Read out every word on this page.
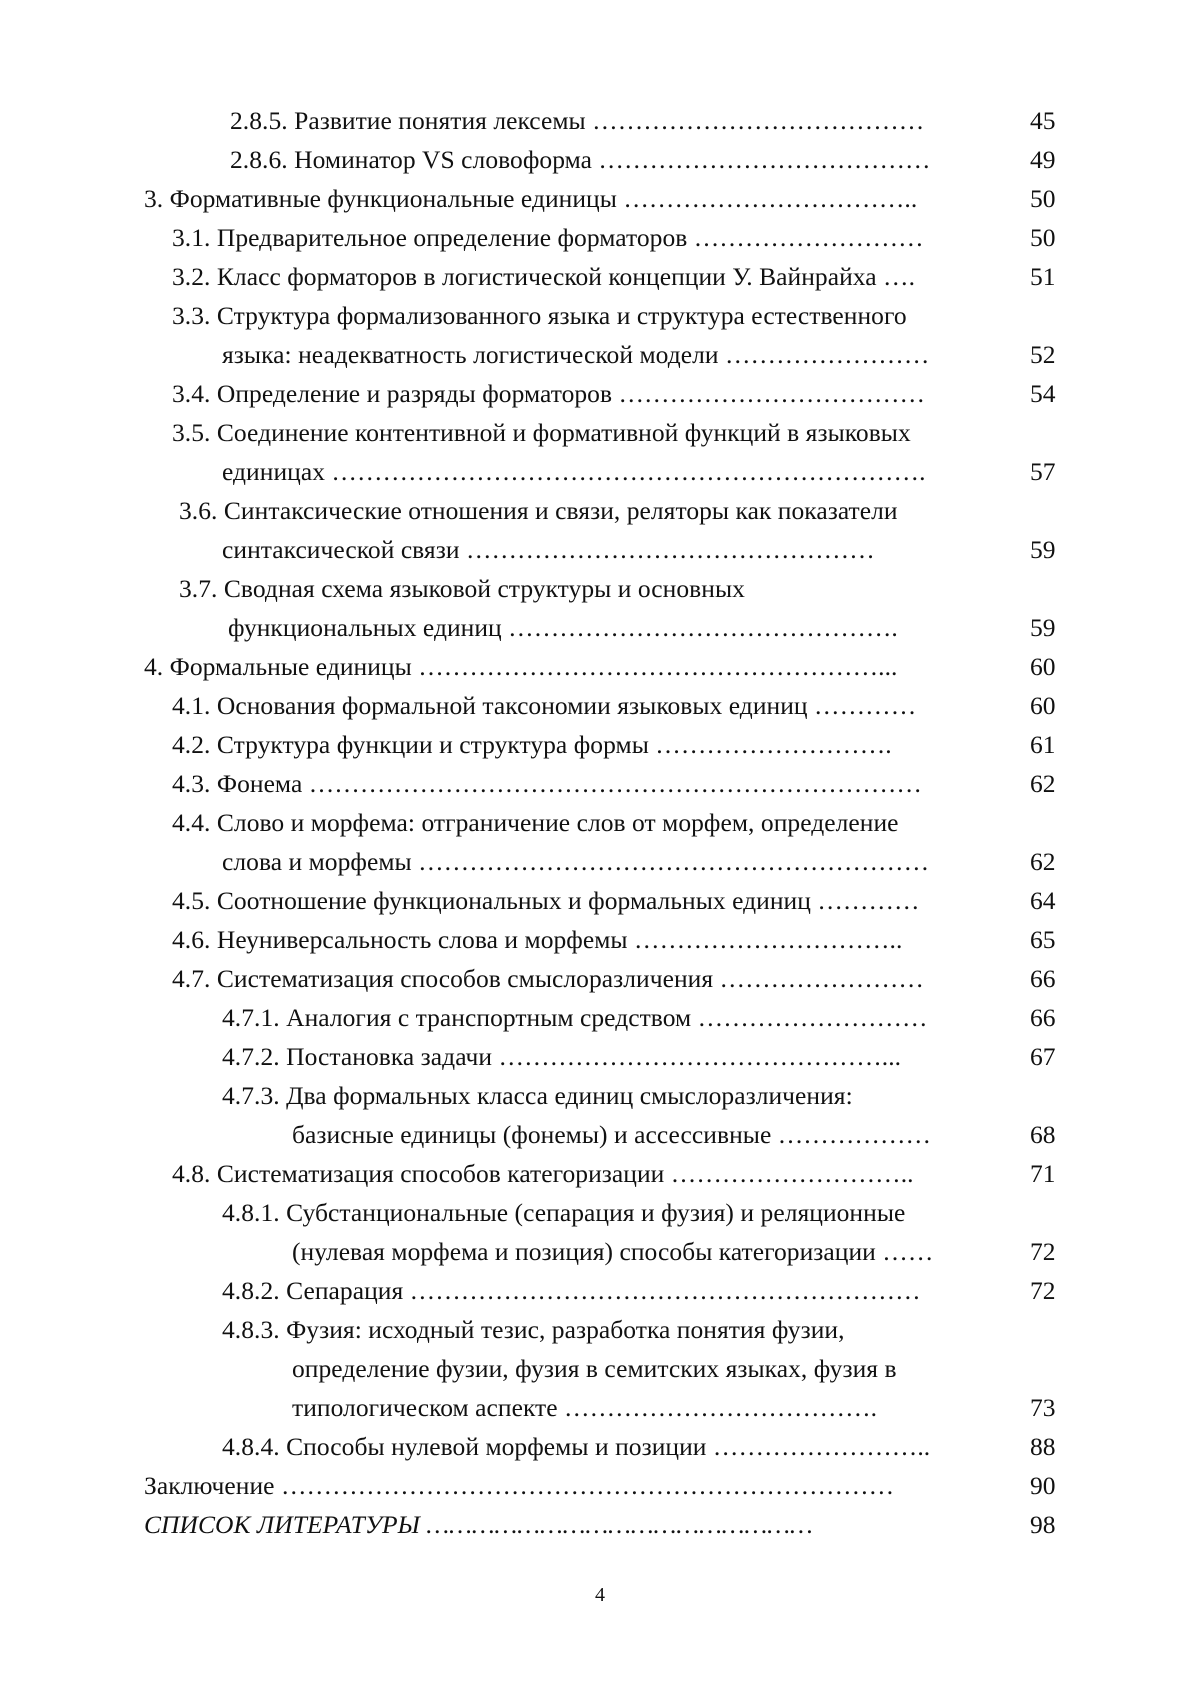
2.8.5. Развитие понятия лексемы …………………………………	45
2.8.6. Номинатор VS словоформа …………………………………	49
3. Формативные функциональные единицы ……………………………..	50
3.1. Предварительное определение форматоров ………………………	50
3.2. Класс форматоров в логистической концепции У. Вайнрайха ….	51
3.3. Структура формализованного языка и структура естественного
языка: неадекватность логистической модели ……………………	52
3.4. Определение и разряды форматоров ………………………………	54
3.5. Соединение контентивной и формативной функций в языковых
единицах …………………………………………………………….	57
3.6. Синтаксические отношения и связи, реляторы как показатели
синтаксической связи …………………………………………	59
3.7. Сводная схема языковой структуры и основных
функциональных единиц ……………………………………….	59
4. Формальные единицы ………………………………………………...	60
4.1. Основания формальной таксономии языковых единиц …………	60
4.2. Структура функции и структура формы ……………………….	61
4.3. Фонема ………………………………………………………………	62
4.4. Слово и морфема: отграничение слов от морфем, определение
слова и морфемы ……………………………………………………	62
4.5. Соотношение функциональных и формальных единиц …………	64
4.6. Неуниверсальность слова и морфемы …………………………..	65
4.7. Систематизация способов смыслоразличения ……………………	66
4.7.1. Аналогия с транспортным средством ………………………	66
4.7.2. Постановка задачи ………………………………………...	67
4.7.3. Два формальных класса единиц смыслоразличения:
базисные единицы (фонемы) и ассессивные ………………	68
4.8. Систематизация способов категоризации ………………………..	71
4.8.1. Субстанциональные (сепарация и фузия) и реляционные
(нулевая морфема и позиция) способы категоризации ……	72
4.8.2. Сепарация ……………………………………………………	72
4.8.3. Фузия: исходный тезис, разработка понятия фузии,
определение фузии, фузия в семитских языках, фузия в
типологическом аспекте ……………………………….	73
4.8.4. Способы нулевой морфемы и позиции ……………………..	88
Заключение ………………………………………………………………	90
СПИСОК ЛИТЕРАТУРЫ ……………………………………………	98
4
